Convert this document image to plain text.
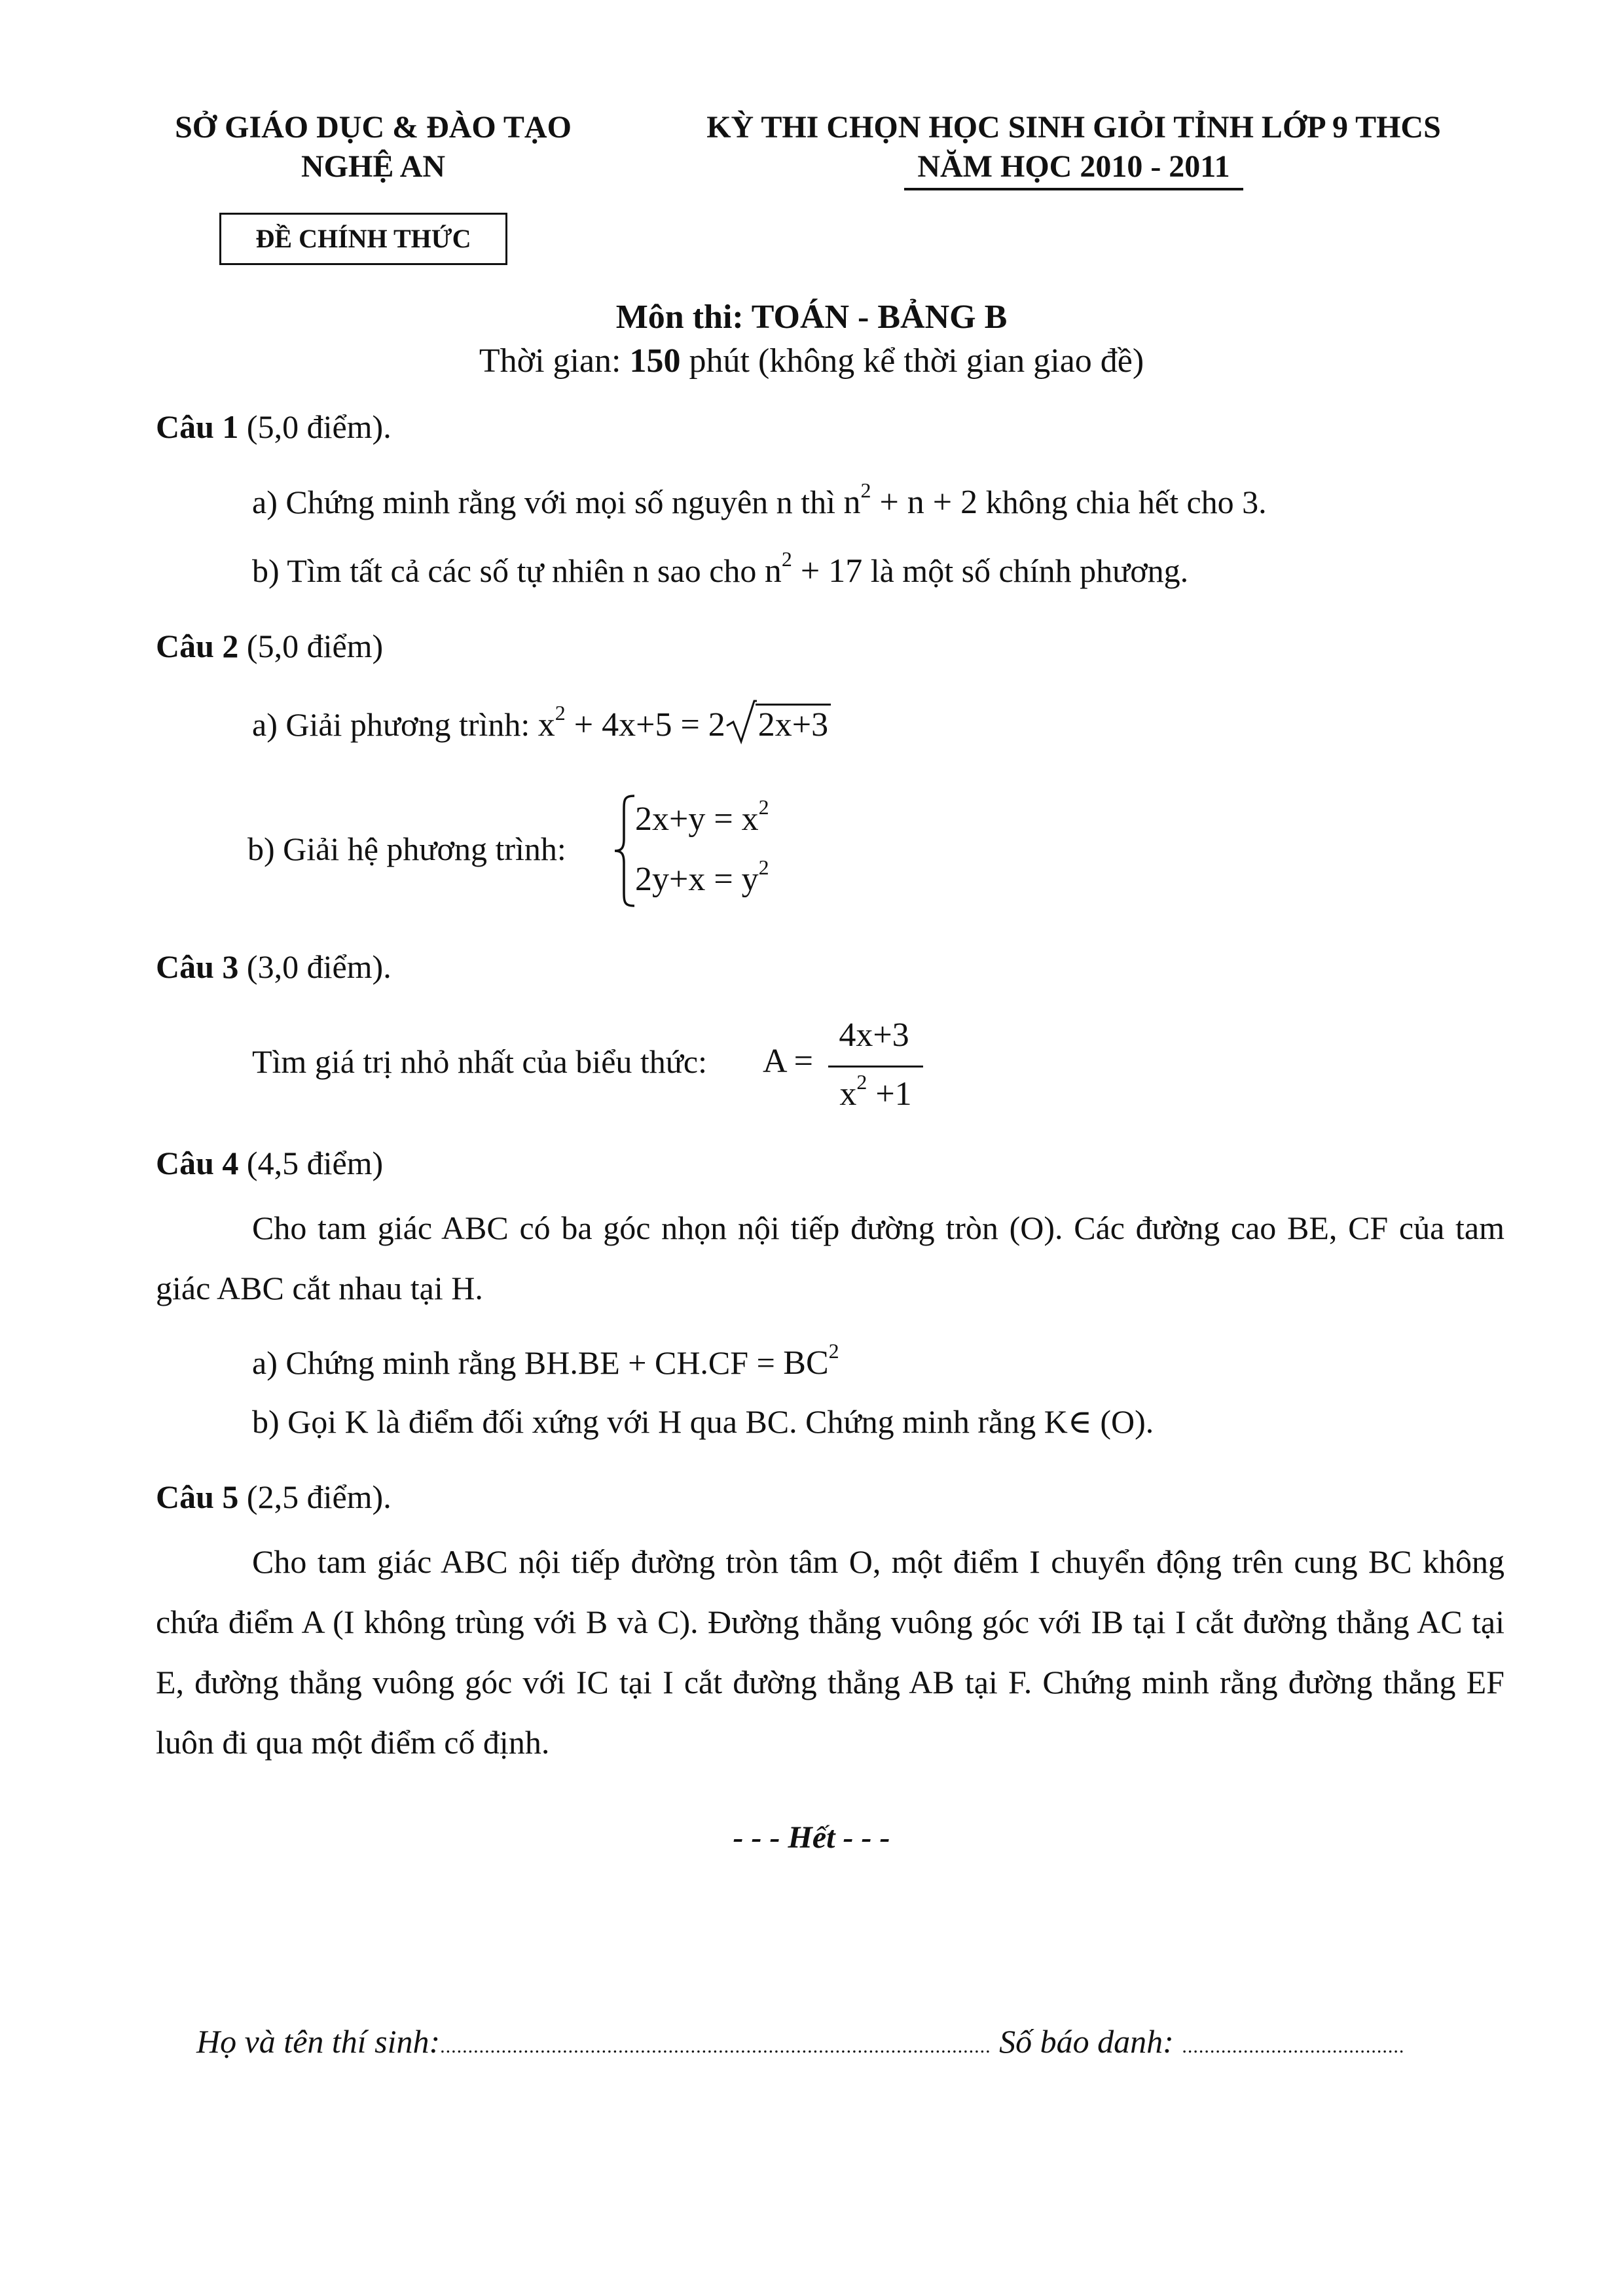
SỞ GIÁO DỤC & ĐÀO TẠO
NGHỆ AN
KỲ THI CHỌN HỌC SINH GIỎI TỈNH LỚP 9 THCS
NĂM HỌC 2010 - 2011
ĐỀ CHÍNH THỨC
Môn thi: TOÁN - BẢNG B
Thời gian: 150 phút (không kể thời gian giao đề)
Câu 1 (5,0 điểm).
a) Chứng minh rằng với mọi số nguyên n thì $n^2 + n + 2$ không chia hết cho 3.
b) Tìm tất cả các số tự nhiên n sao cho $n^2 + 17$ là một số chính phương.
Câu 2 (5,0 điểm)
a) Giải phương trình: $x^2 + 4x+5 = 2$ 2x+3
b) Giải hệ phương trình:
$2x+y = x^2$
$2y+x = y^2$
Câu 3 (3,0 điểm).
Tìm giá trị nhỏ nhất của biểu thức: A =
4x+3
$x^2 +1$
Câu 4 (4,5 điểm)
Cho tam giác ABC có ba góc nhọn nội tiếp đường tròn (O). Các đường cao BE, CF của tam giác ABC cắt nhau tại H.
a) Chứng minh rằng $BH.BE + CH.CF = BC^2$
b) Gọi K là điểm đối xứng với H qua BC. Chứng minh rằng K∈ (O).
Câu 5 (2,5 điểm).
Cho tam giác ABC nội tiếp đường tròn tâm O, một điểm I chuyển động trên cung BC không chứa điểm A (I không trùng với B và C). Đường thẳng vuông góc với IB tại I cắt đường thẳng AC tại E, đường thẳng vuông góc với IC tại I cắt đường thẳng AB tại F. Chứng minh rằng đường thẳng EF luôn đi qua một điểm cố định.
- - - Hết - - -
Họ và tên thí sinh:................................................................................................... Số báo danh: ........................................
